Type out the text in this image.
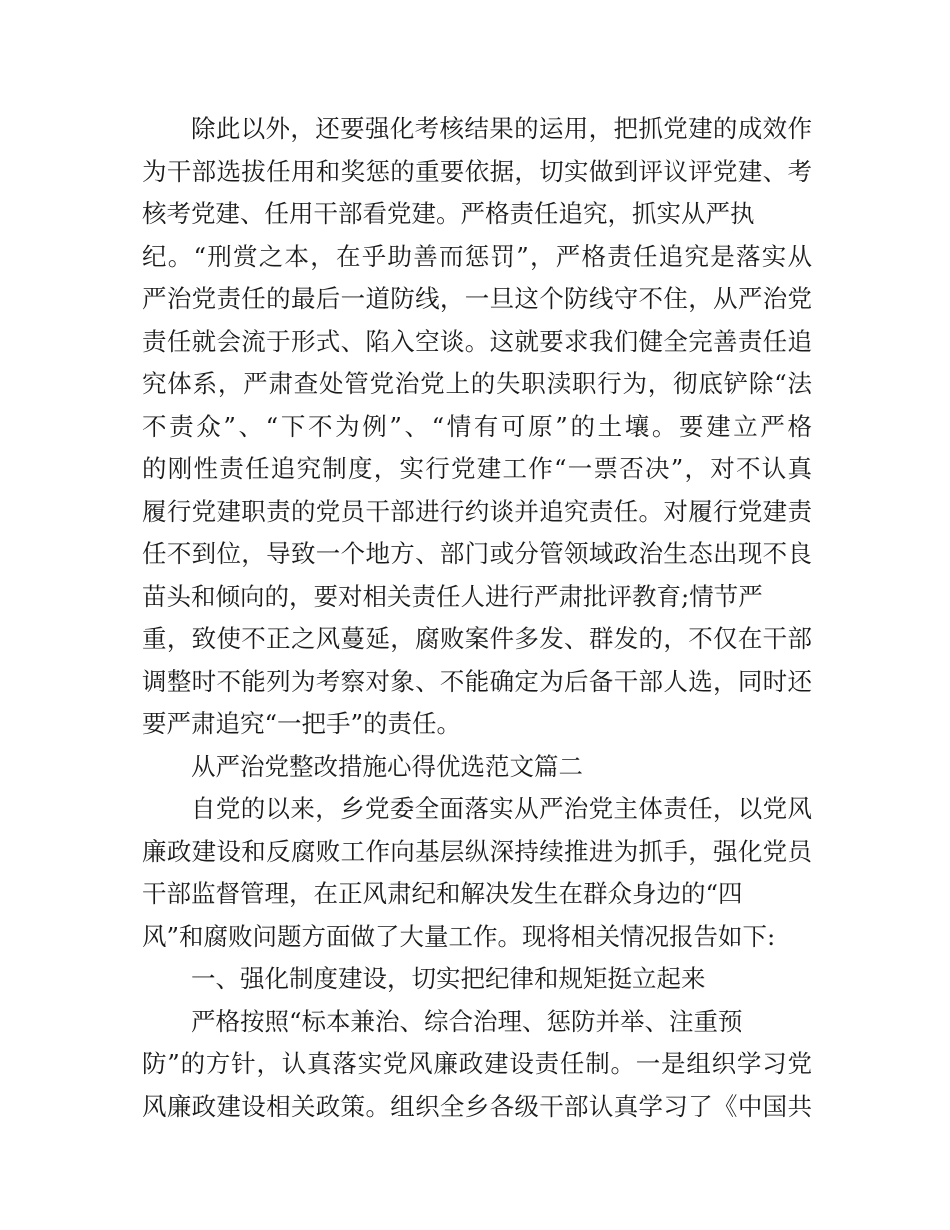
除此以外，还要强化考核结果的运用，把抓党建的成效作
为干部选拔任用和奖惩的重要依据，切实做到评议评党建、考
核考党建、任用干部看党建。严格责任追究，抓实从严执
纪。“刑赏之本，在乎助善而惩罚”，严格责任追究是落实从
严治党责任的最后一道防线，一旦这个防线守不住，从严治党
责任就会流于形式、陷入空谈。这就要求我们健全完善责任追
究体系，严肃查处管党治党上的失职渎职行为，彻底铲除“法
不责众”、“下不为例”、“情有可原”的土壤。要建立严格
的刚性责任追究制度，实行党建工作“一票否决”，对不认真
履行党建职责的党员干部进行约谈并追究责任。对履行党建责
任不到位，导致一个地方、部门或分管领域政治生态出现不良
苗头和倾向的，要对相关责任人进行严肃批评教育;情节严
重，致使不正之风蔓延，腐败案件多发、群发的，不仅在干部
调整时不能列为考察对象、不能确定为后备干部人选，同时还
要严肃追究“一把手”的责任。
从严治党整改措施心得优选范文篇二
自党的以来，乡党委全面落实从严治党主体责任，以党风
廉政建设和反腐败工作向基层纵深持续推进为抓手，强化党员
干部监督管理，在正风肃纪和解决发生在群众身边的“四
风”和腐败问题方面做了大量工作。现将相关情况报告如下:
一、强化制度建设，切实把纪律和规矩挺立起来
严格按照“标本兼治、综合治理、惩防并举、注重预
防”的方针，认真落实党风廉政建设责任制。一是组织学习党
风廉政建设相关政策。组织全乡各级干部认真学习了《中国共
